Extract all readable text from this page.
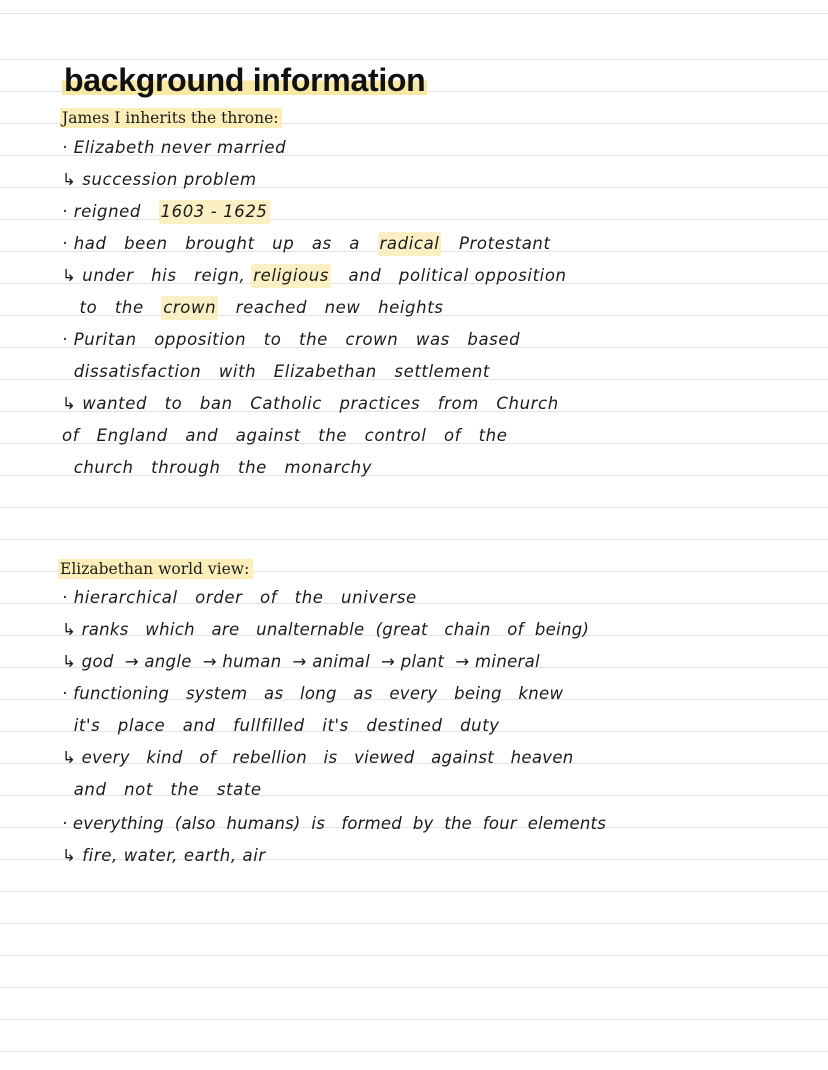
background information
James I inherits the throne:
· Elizabeth never married
↳ succession problem
· reigned   1603 - 1625
· had   been   brought   up   as   a   radical   Protestant
↳ under   his   reign, religious   and   political opposition
to   the   crown   reached   new   heights
· Puritan   opposition   to   the   crown   was   based
dissatisfaction   with   Elizabethan   settlement
↳ wanted   to   ban   Catholic   practices   from   Church
of   England   and   against   the   control   of   the
church   through   the   monarchy
Elizabethan world view:
· hierarchical   order   of   the   universe
↳ ranks   which   are   unalternable  (great   chain   of  being)
↳ god  → angle  → human  → animal  → plant  → mineral
· functioning   system   as   long   as   every   being   knew
it's   place   and   fullfilled   it's   destined   duty
↳ every   kind   of   rebellion   is   viewed   against   heaven
and   not   the   state
· everything  (also  humans)  is   formed  by  the  four  elements
↳ fire, water, earth, air
